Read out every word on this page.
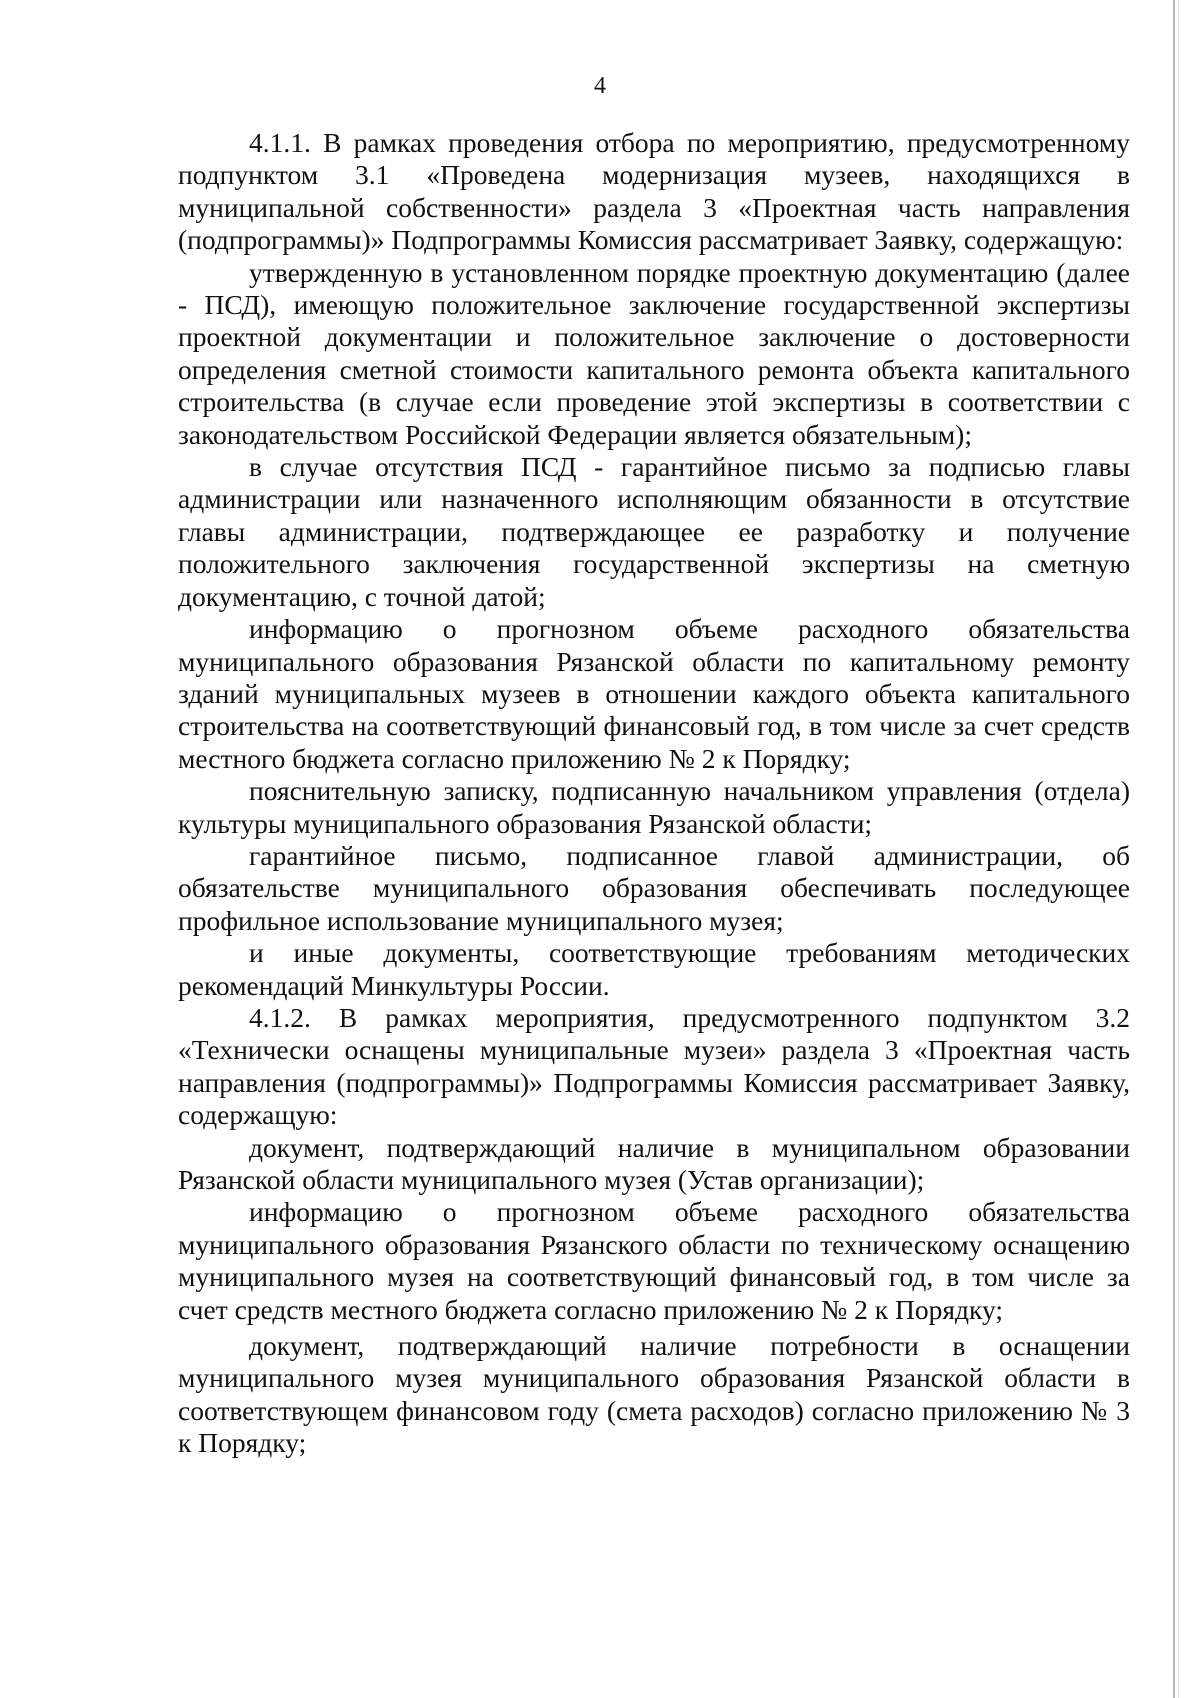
4

4.1.1. В рамках проведения отбора по мероприятию, предусмотренному подпунктом 3.1 «Проведена модернизация музеев, находящихся в муниципальной собственности» раздела 3 «Проектная часть направления (подпрограммы)» Подпрограммы Комиссия рассматривает Заявку, содержащую:

утвержденную в установленном порядке проектную документацию (далее - ПСД), имеющую положительное заключение государственной экспертизы проектной документации и положительное заключение о достоверности определения сметной стоимости капитального ремонта объекта капитального строительства (в случае если проведение этой экспертизы в соответствии с законодательством Российской Федерации является обязательным);

в случае отсутствия ПСД - гарантийное письмо за подписью главы администрации или назначенного исполняющим обязанности в отсутствие главы администрации, подтверждающее ее разработку и получение положительного заключения государственной экспертизы на сметную документацию, с точной датой;

информацию о прогнозном объеме расходного обязательства муниципального образования Рязанской области по капитальному ремонту зданий муниципальных музеев в отношении каждого объекта капитального строительства на соответствующий финансовый год, в том числе за счет средств местного бюджета согласно приложению № 2 к Порядку;

пояснительную записку, подписанную начальником управления (отдела) культуры муниципального образования Рязанской области;

гарантийное письмо, подписанное главой администрации, об обязательстве муниципального образования обеспечивать последующее профильное использование муниципального музея;

и иные документы, соответствующие требованиям методических рекомендаций Минкультуры России.

4.1.2. В рамках мероприятия, предусмотренного подпунктом 3.2 «Технически оснащены муниципальные музеи» раздела 3 «Проектная часть направления (подпрограммы)» Подпрограммы Комиссия рассматривает Заявку, содержащую:

документ, подтверждающий наличие в муниципальном образовании Рязанской области муниципального музея (Устав организации);

информацию о прогнозном объеме расходного обязательства муниципального образования Рязанского области по техническому оснащению муниципального музея на соответствующий финансовый год, в том числе за счет средств местного бюджета согласно приложению № 2 к Порядку;

документ, подтверждающий наличие потребности в оснащении муниципального музея муниципального образования Рязанской области в соответствующем финансовом году (смета расходов) согласно приложению № 3 к Порядку;
